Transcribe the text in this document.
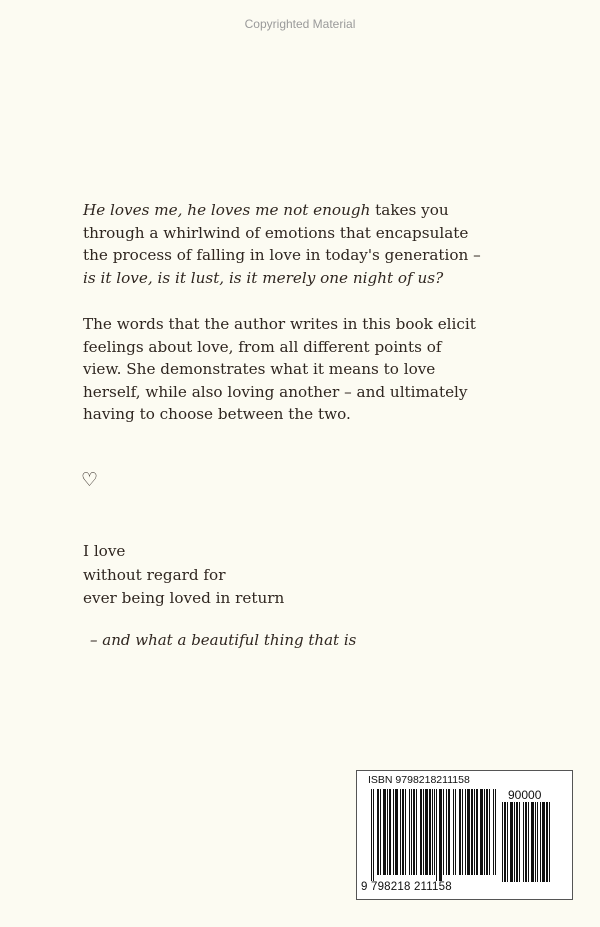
Copyrighted Material

He loves me, he loves me not enough takes you through a whirlwind of emotions that encapsulate the process of falling in love in today's generation – is it love, is it lust, is it merely one night of us?

The words that the author writes in this book elicit feelings about love, from all different points of view. She demonstrates what it means to love herself, while also loving another – and ultimately having to choose between the two.

♡
I love
without regard for
ever being loved in return
– and what a beautiful thing that is
ISBN 9798218211158
90000
9 798218 211158
